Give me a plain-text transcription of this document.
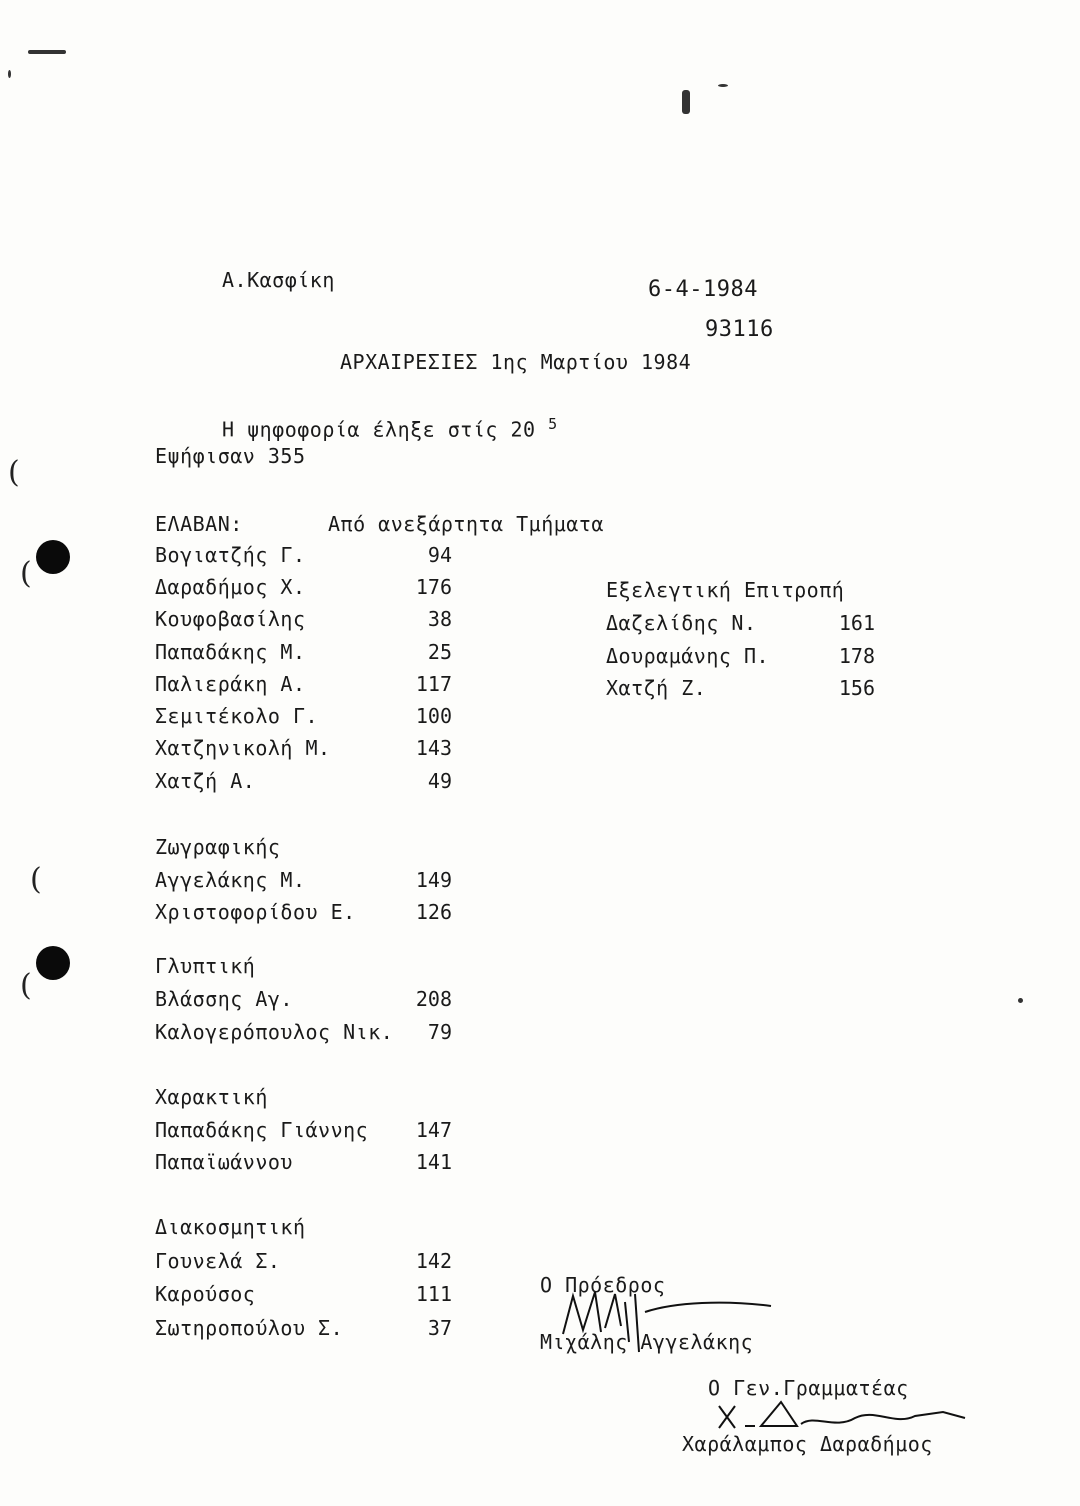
(
(
(
(
Α.Κασφίκη	6-4-1984
93116
ΑΡΧΑΙΡΕΣΙΕΣ 1ης Μαρτίου 1984
Η ψηφοφορία έληξε στίς 20 $^5$
Εψήφισαν 355
ΕΛΑΒΑΝ:	Από ανεξάρτητα Τμήματα
Βογιατζής Γ.	94
Δαραδήμος Χ.	176
Κουφοβασίλης	38
Παπαδάκης Μ.	25
Παλιεράκη Α.	117
Σεμιτέκολο Γ.	100
Χατζηνικολή Μ.	143
Χατζή Α.	49
Εξελεγτική Επιτροπή
Δαζελίδης Ν.	161
Δουραμάνης Π.	178
Χατζή Ζ.	156
Ζωγραφικής
Αγγελάκης Μ.	149
Χριστοφορίδου Ε.	126
Γλυπτική
Βλάσσης Αγ.	208
Καλογερόπουλος Νικ.	79
Χαρακτική
Παπαδάκης Γιάννης	147
Παπαϊωάννου	141
Διακοσμητική
Γουνελά Σ.	142
Καρούσος	111
Σωτηροπούλου Σ.	37
Ο Πρόεδρος
Μιχάλης Αγγελάκης
Ο Γεν.Γραμματέας
Χαράλαμπος Δαραδήμος
